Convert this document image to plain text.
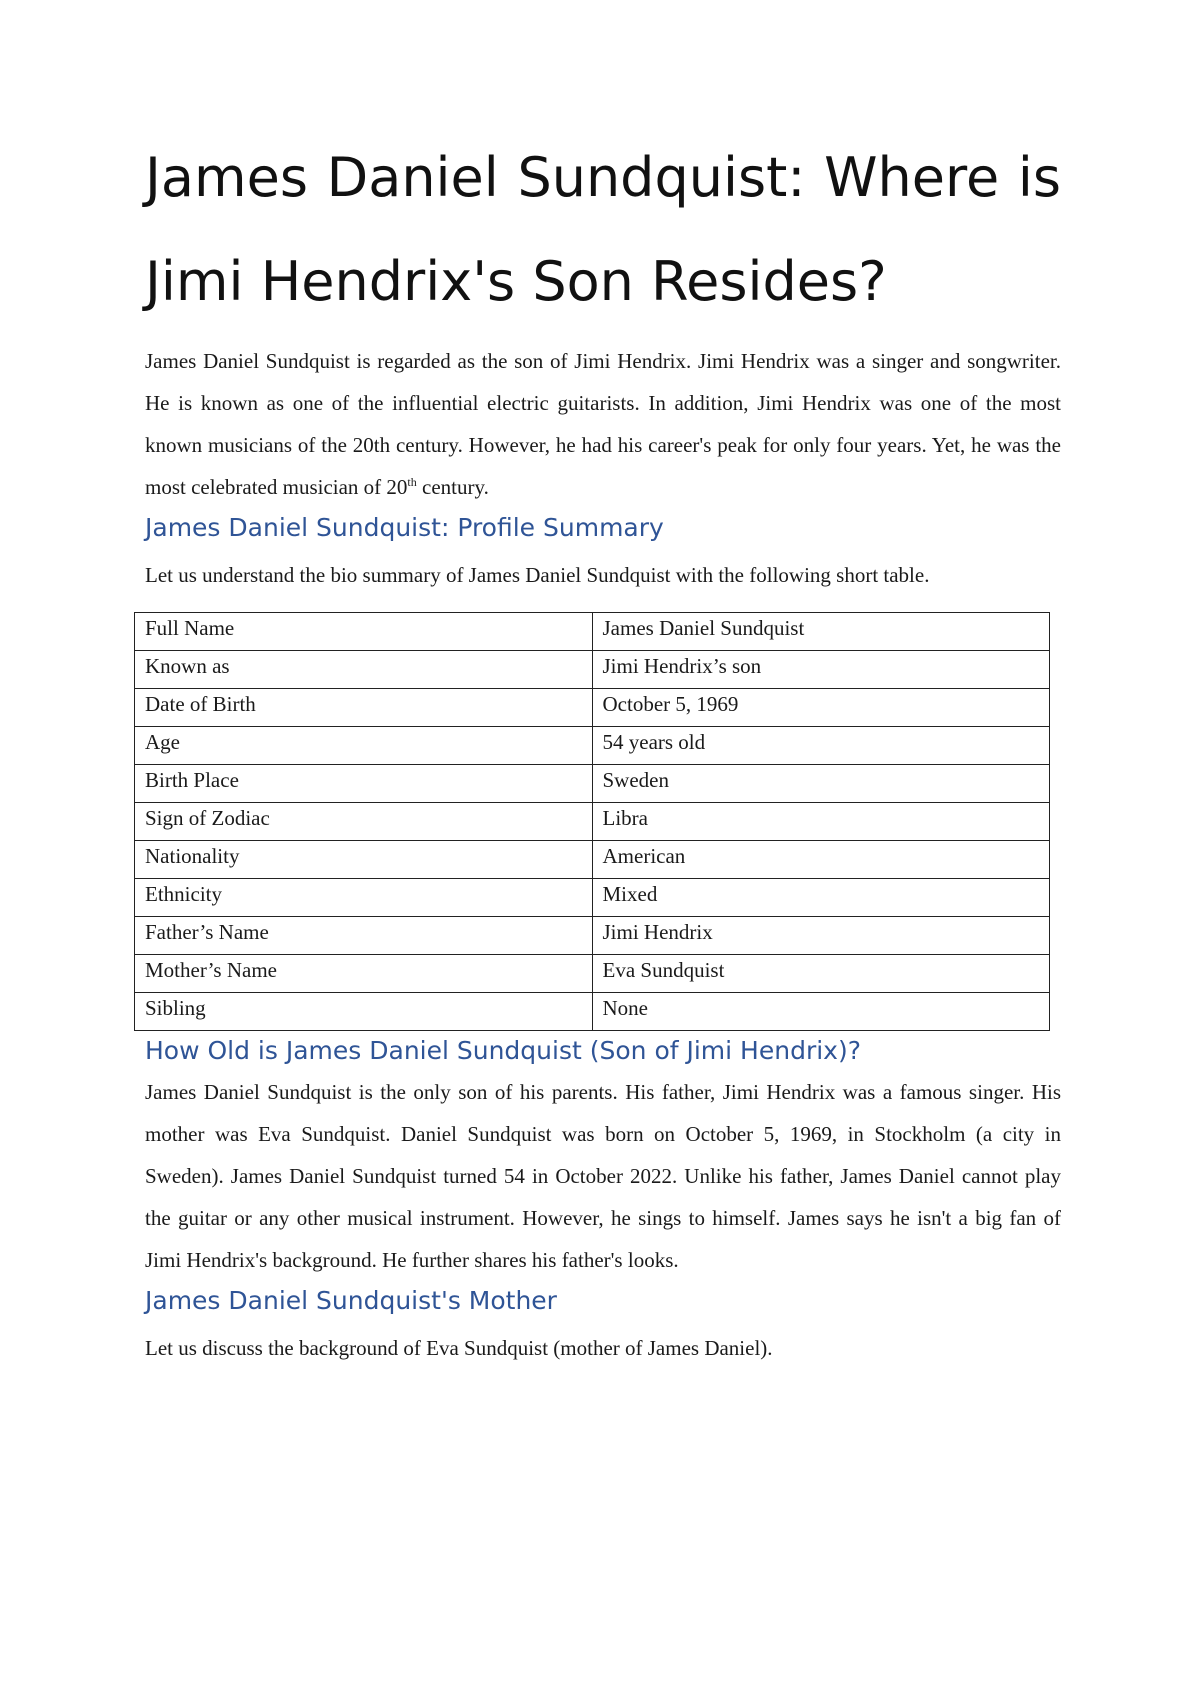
James Daniel Sundquist: Where is Jimi Hendrix's Son Resides?

James Daniel Sundquist is regarded as the son of Jimi Hendrix. Jimi Hendrix was a singer and songwriter. He is known as one of the influential electric guitarists. In addition, Jimi Hendrix was one of the most known musicians of the 20th century. However, he had his career's peak for only four years. Yet, he was the most celebrated musician of 20th century.

James Daniel Sundquist: Profile Summary

Let us understand the bio summary of James Daniel Sundquist with the following short table.

Full Name	James Daniel Sundquist
Known as	Jimi Hendrix’s son
Date of Birth	October 5, 1969
Age	54 years old
Birth Place	Sweden
Sign of Zodiac	Libra
Nationality	American
Ethnicity	Mixed
Father’s Name	Jimi Hendrix
Mother’s Name	Eva Sundquist
Sibling	None
How Old is James Daniel Sundquist (Son of Jimi Hendrix)?

James Daniel Sundquist is the only son of his parents. His father, Jimi Hendrix was a famous singer. His mother was Eva Sundquist. Daniel Sundquist was born on October 5, 1969, in Stockholm (a city in Sweden). James Daniel Sundquist turned 54 in October 2022. Unlike his father, James Daniel cannot play the guitar or any other musical instrument. However, he sings to himself. James says he isn't a big fan of Jimi Hendrix's background. He further shares his father's looks.

James Daniel Sundquist's Mother

Let us discuss the background of Eva Sundquist (mother of James Daniel).
